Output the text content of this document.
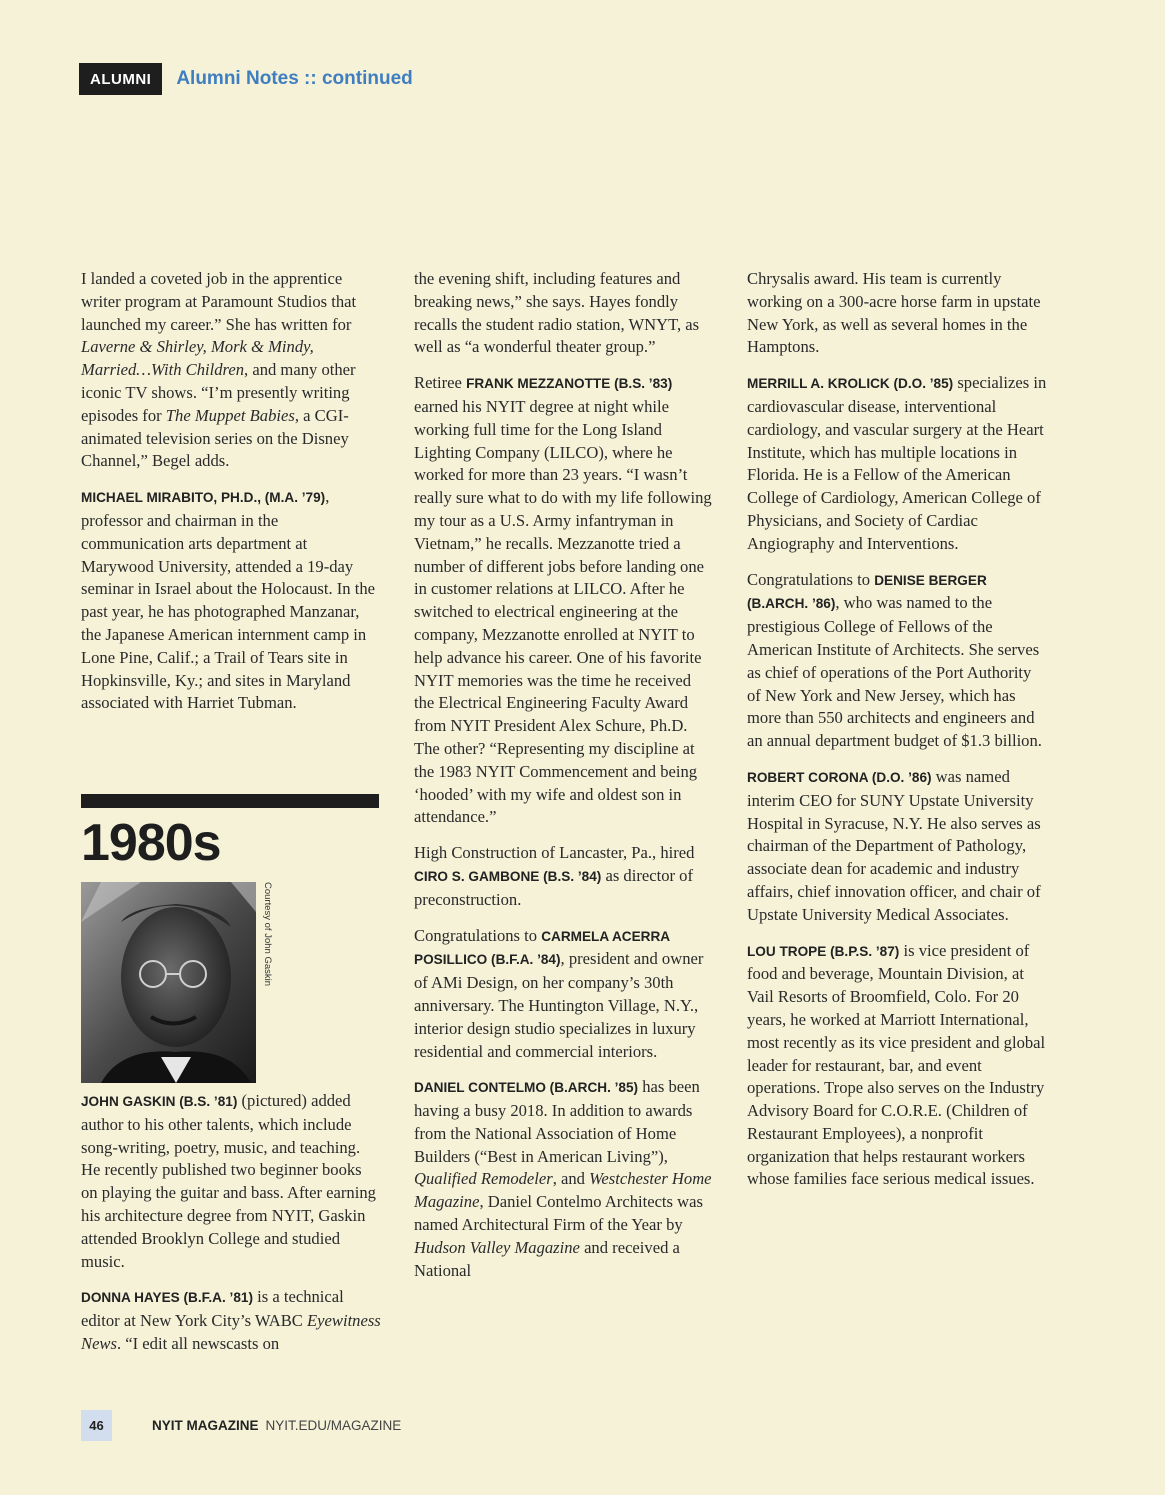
ALUMNI	Alumni Notes :: continued

I landed a coveted job in the apprentice writer program at Paramount Studios that launched my career.” She has written for Laverne & Shirley, Mork & Mindy, Married…With Children, and many other iconic TV shows. “I’m presently writing episodes for The Muppet Babies, a CGI-animated television series on the Disney Channel,” Begel adds.

MICHAEL MIRABITO, PH.D., (M.A. ’79), professor and chairman in the communication arts department at Marywood University, attended a 19-day seminar in Israel about the Holocaust. In the past year, he has photographed Manzanar, the Japanese American internment camp in Lone Pine, Calif.; a Trail of Tears site in Hopkinsville, Ky.; and sites in Maryland associated with Harriet Tubman.

1980s
Courtesy of John Gaskin

JOHN GASKIN (B.S. ’81) (pictured) added author to his other talents, which include song-writing, poetry, music, and teaching. He recently published two beginner books on playing the guitar and bass. After earning his architecture degree from NYIT, Gaskin attended Brooklyn College and studied music.

DONNA HAYES (B.F.A. ’81) is a technical editor at New York City’s WABC Eyewitness News. “I edit all newscasts on

the evening shift, including features and breaking news,” she says. Hayes fondly recalls the student radio station, WNYT, as well as “a wonderful theater group.”

Retiree FRANK MEZZANOTTE (B.S. ’83) earned his NYIT degree at night while working full time for the Long Island Lighting Company (LILCO), where he worked for more than 23 years. “I wasn’t really sure what to do with my life following my tour as a U.S. Army infantryman in Vietnam,” he recalls. Mezzanotte tried a number of different jobs before landing one in customer relations at LILCO. After he switched to electrical engineering at the company, Mezzanotte enrolled at NYIT to help advance his career. One of his favorite NYIT memories was the time he received the Electrical Engineering Faculty Award from NYIT President Alex Schure, Ph.D. The other? “Representing my discipline at the 1983 NYIT Commencement and being ‘hooded’ with my wife and oldest son in attendance.”

High Construction of Lancaster, Pa., hired CIRO S. GAMBONE (B.S. ’84) as director of preconstruction.

Congratulations to CARMELA ACERRA POSILLICO (B.F.A. ’84), president and owner of AMi Design, on her company’s 30th anniversary. The Huntington Village, N.Y., interior design studio specializes in luxury residential and commercial interiors.

DANIEL CONTELMO (B.ARCH. ’85) has been having a busy 2018. In addition to awards from the National Association of Home Builders (“Best in American Living”), Qualified Remodeler, and Westchester Home Magazine, Daniel Contelmo Architects was named Architectural Firm of the Year by Hudson Valley Magazine and received a National

Chrysalis award. His team is currently working on a 300-acre horse farm in upstate New York, as well as several homes in the Hamptons.

MERRILL A. KROLICK (D.O. ’85) specializes in cardiovascular disease, interventional cardiology, and vascular surgery at the Heart Institute, which has multiple locations in Florida. He is a Fellow of the American College of Cardiology, American College of Physicians, and Society of Cardiac Angiography and Interventions.

Congratulations to DENISE BERGER (B.ARCH. ’86), who was named to the prestigious College of Fellows of the American Institute of Architects. She serves as chief of operations of the Port Authority of New York and New Jersey, which has more than 550 architects and engineers and an annual department budget of $1.3 billion.

ROBERT CORONA (D.O. ’86) was named interim CEO for SUNY Upstate University Hospital in Syracuse, N.Y. He also serves as chairman of the Department of Pathology, associate dean for academic and industry affairs, chief innovation officer, and chair of Upstate University Medical Associates.

LOU TROPE (B.P.S. ’87) is vice president of food and beverage, Mountain Division, at Vail Resorts of Broomfield, Colo. For 20 years, he worked at Marriott International, most recently as its vice president and global leader for restaurant, bar, and event operations. Trope also serves on the Industry Advisory Board for C.O.R.E. (Children of Restaurant Employees), a nonprofit organization that helps restaurant workers whose families face serious medical issues.

46	NYIT MAGAZINE NYIT.EDU/MAGAZINE
